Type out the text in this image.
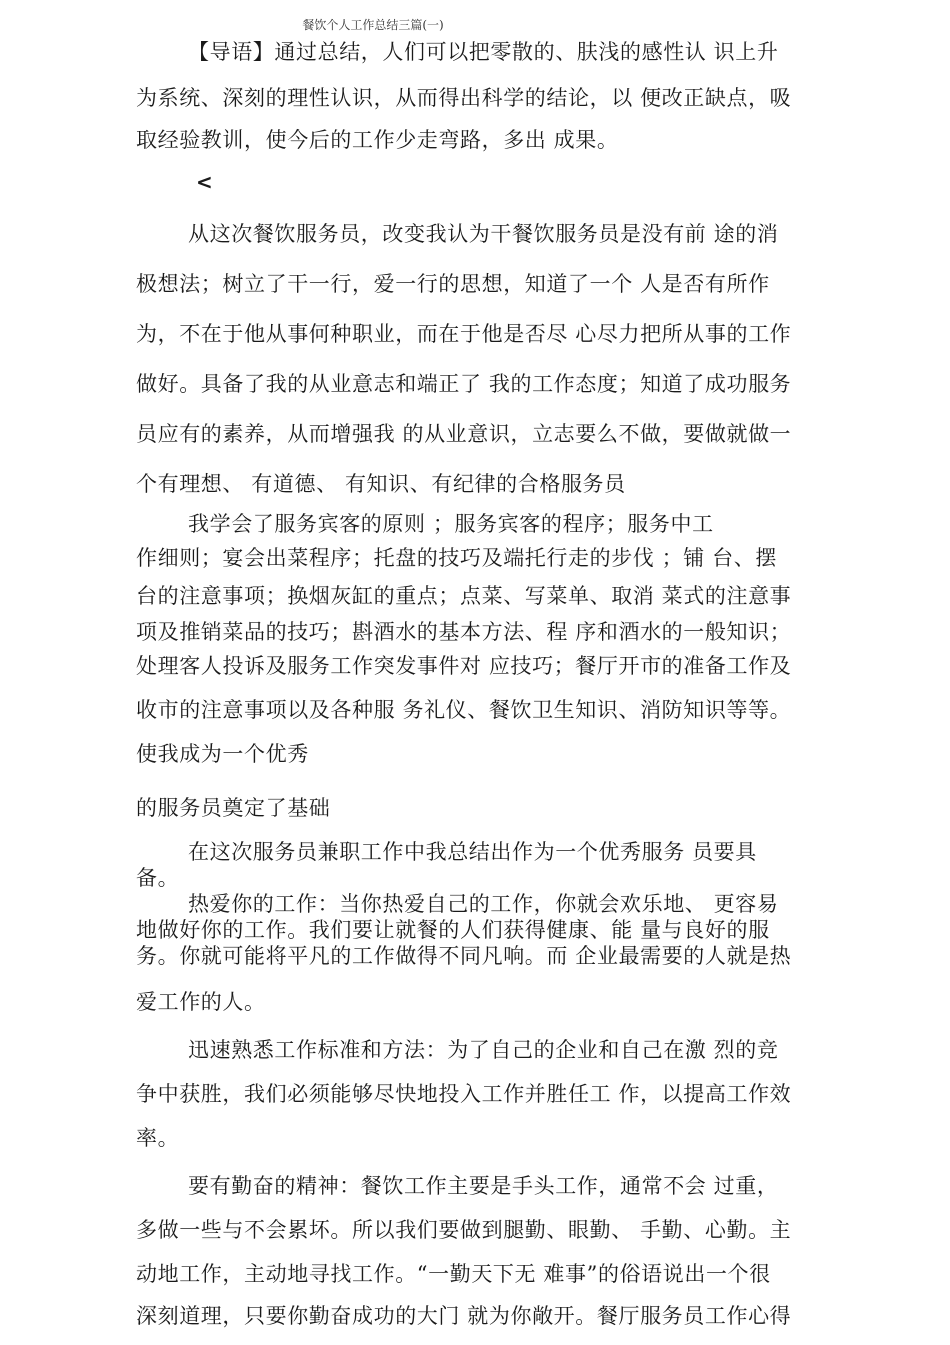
餐饮个人工作总结三篇(一)
【导语】通过总结，人们可以把零散的、肤浅的感性认 识上升
为系统、深刻的理性认识，从而得出科学的结论，以 便改正缺点，吸
取经验教训，使今后的工作少走弯路，多出 成果。
<
从这次餐饮服务员，改变我认为干餐饮服务员是没有前 途的消
极想法；树立了干一行，爱一行的思想，知道了一个 人是否有所作
为，不在于他从事何种职业，而在于他是否尽 心尽力把所从事的工作
做好。具备了我的从业意志和端正了 我的工作态度；知道了成功服务
员应有的素养，从而增强我 的从业意识，立志要么不做，要做就做一
个有理想、 有道德、 有知识、有纪律的合格服务员
我学会了服务宾客的原则 ；服务宾客的程序；服务中工
作细则；宴会出菜程序；托盘的技巧及端托行走的步伐 ；铺 台、摆
台的注意事项；换烟灰缸的重点；点菜、写菜单、取消 菜式的注意事
项及推销菜品的技巧；斟酒水的基本方法、程 序和酒水的一般知识；
处理客人投诉及服务工作突发事件对 应技巧；餐厅开市的准备工作及
收市的注意事项以及各种服 务礼仪、餐饮卫生知识、消防知识等等。
使我成为一个优秀
的服务员奠定了基础
在这次服务员兼职工作中我总结出作为一个优秀服务 员要具
备。
热爱你的工作：当你热爱自己的工作，你就会欢乐地、 更容易
地做好你的工作。我们要让就餐的人们获得健康、能 量与良好的服
务。你就可能将平凡的工作做得不同凡响。而 企业最需要的人就是热
爱工作的人。
迅速熟悉工作标准和方法：为了自己的企业和自己在激 烈的竞
争中获胜，我们必须能够尽快地投入工作并胜任工 作，以提高工作效
率。
要有勤奋的精神：餐饮工作主要是手头工作，通常不会 过重，
多做一些与不会累坏。所以我们要做到腿勤、眼勤、 手勤、心勤。主
动地工作，主动地寻找工作。“一勤天下无 难事”的俗语说出一个很
深刻道理，只要你勤奋成功的大门 就为你敞开。餐厅服务员工作心得
